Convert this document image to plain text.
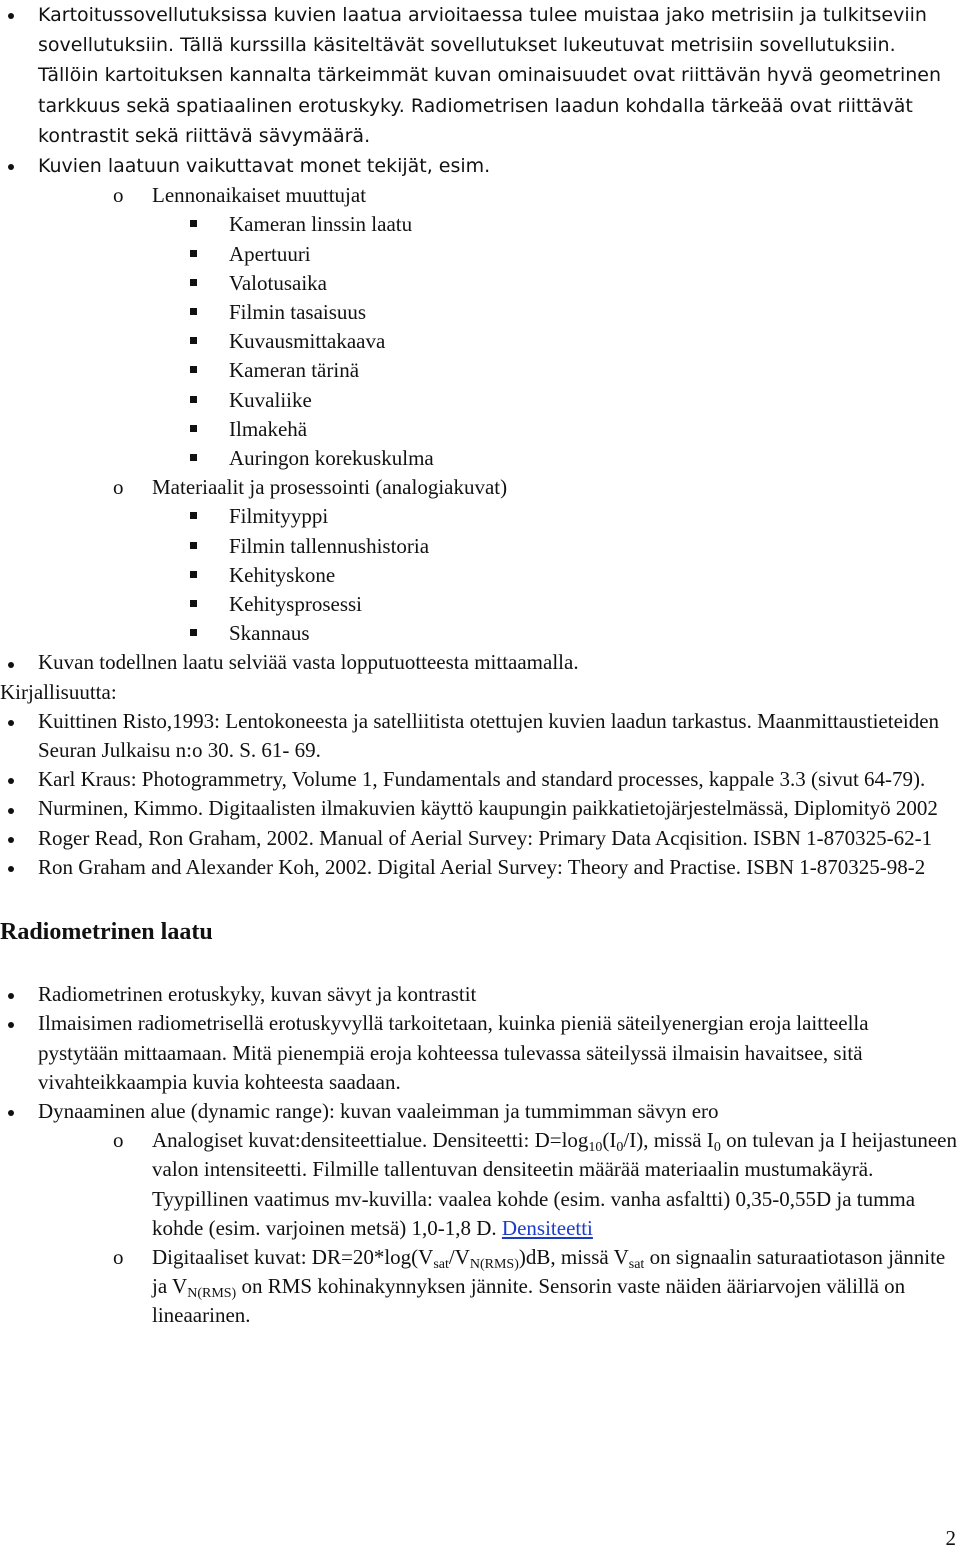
Kartoitussovellutuksissa kuvien laatua arvioitaessa tulee muistaa jako metrisiin ja tulkitseviin sovellutuksiin. Tällä kurssilla käsiteltävät sovellutukset lukeutuvat metrisiin sovellutuksiin. Tällöin kartoituksen kannalta tärkeimmät kuvan ominaisuudet ovat riittävän hyvä geometrinen tarkkuus sekä spatiaalinen erotuskyky. Radiometrisen laadun kohdalla tärkeää ovat riittävät kontrastit sekä riittävä sävymäärä.
Kuvien laatuun vaikuttavat monet tekijät, esim.
o Lennonaikaiset muuttujat
Kameran linssin laatu
Apertuuri
Valotusaika
Filmin tasaisuus
Kuvausmittakaava
Kameran tärinä
Kuvaliike
Ilmakehä
Auringon korekuskulma
o Materiaalit ja prosessointi (analogiakuvat)
Filmityyppi
Filmin tallennushistoria
Kehityskone
Kehitysprosessi
Skannaus
Kuvan todellnen laatu selviää vasta lopputuotteesta mittaamalla.
Kirjallisuutta:
Kuittinen Risto,1993: Lentokoneesta ja satelliitista otettujen kuvien laadun tarkastus. Maanmittaustieteiden Seuran Julkaisu n:o 30. S. 61- 69.
Karl Kraus: Photogrammetry, Volume 1, Fundamentals and standard processes, kappale 3.3 (sivut 64-79).
Nurminen, Kimmo. Digitaalisten ilmakuvien käyttö kaupungin paikkatietojärjestelmässä, Diplomityö 2002
Roger Read, Ron Graham, 2002. Manual of Aerial Survey: Primary Data Acqisition. ISBN 1-870325-62-1
Ron Graham and Alexander Koh, 2002. Digital Aerial Survey: Theory and Practise. ISBN 1-870325-98-2
Radiometrinen laatu
Radiometrinen erotuskyky, kuvan sävyt ja kontrastit
Ilmaisimen radiometrisellä erotuskyvyllä tarkoitetaan, kuinka pieniä säteilyenergian eroja laitteella pystytään mittaamaan. Mitä pienempiä eroja kohteessa tulevassa säteilyssä ilmaisin havaitsee, sitä vivahteikkaampia kuvia kohteesta saadaan.
Dynaaminen alue (dynamic range): kuvan vaaleimman ja tummimman sävyn ero
o Analogiset kuvat:densiteettialue. Densiteetti: $D=\log_{10}(I_0/I)$, missä $I_0$ on tulevan ja I heijastuneen valon intensiteetti. Filmille tallentuvan densiteetin määrää materiaalin mustumakäyrä. Tyypillinen vaatimus mv-kuvilla: vaalea kohde (esim. vanha asfaltti) 0,35-0,55D ja tumma kohde (esim. varjoinen metsä) 1,0-1,8 D. Densiteetti
o Digitaaliset kuvat: $DR=20*\log(V_{sat}/V_{N(RMS)})dB$, missä $V_{sat}$ on signaalin saturaatiotason jännite ja $V_{N(RMS)}$ on RMS kohinakynnyksen jännite. Sensorin vaste näiden ääriarvojen välillä on lineaarinen.
2
